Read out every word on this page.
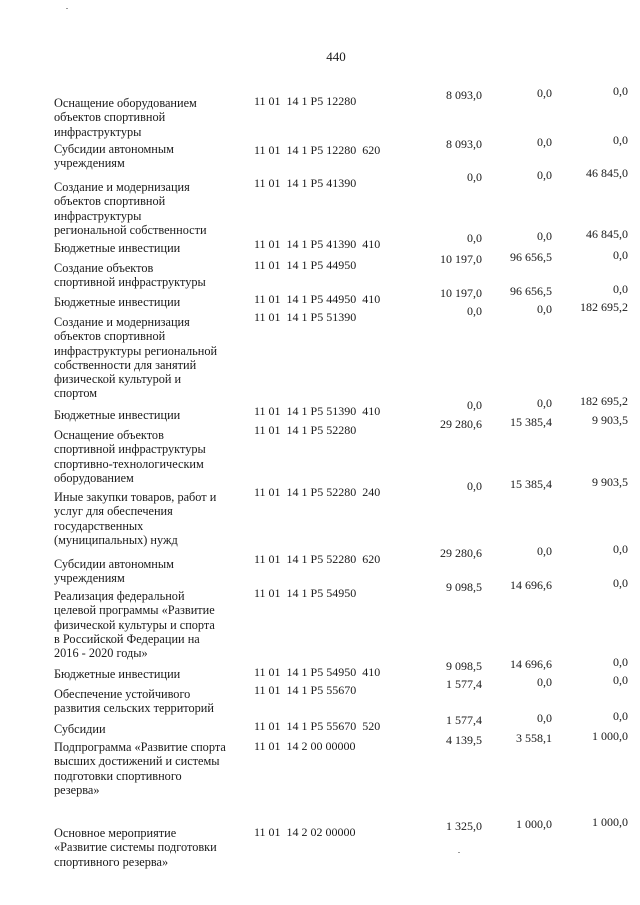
440
Оснащение оборудованием
объектов спортивной
инфраструктуры
11 01  14 1 Р5 12280	8 093,0	0,0	0,0
Субсидии автономным
учреждениям
11 01  14 1 Р5 12280  620	8 093,0	0,0	0,0
Создание и модернизация
объектов спортивной
инфраструктуры
региональной собственности
11 01  14 1 Р5 41390	0,0	0,0	46 845,0
Бюджетные инвестиции	11 01  14 1 Р5 41390  410	0,0	0,0	46 845,0
Создание объектов
спортивной инфраструктуры
11 01  14 1 Р5 44950	10 197,0	96 656,5	0,0
Бюджетные инвестиции	11 01  14 1 Р5 44950  410	10 197,0	96 656,5	0,0
Создание и модернизация
объектов спортивной
инфраструктуры региональной
собственности для занятий
физической культурой и
спортом
11 01  14 1 Р5 51390	0,0	0,0	182 695,2
Бюджетные инвестиции	11 01  14 1 Р5 51390  410	0,0	0,0	182 695,2
Оснащение объектов
спортивной инфраструктуры
спортивно-технологическим
оборудованием
11 01  14 1 Р5 52280	29 280,6	15 385,4	9 903,5
Иные закупки товаров, работ и
услуг для обеспечения
государственных
(муниципальных) нужд
11 01  14 1 Р5 52280  240	0,0	15 385,4	9 903,5
Субсидии автономным
учреждениям
11 01  14 1 Р5 52280  620	29 280,6	0,0	0,0
Реализация федеральной
целевой программы «Развитие
физической культуры и спорта
в Российской Федерации на
2016 - 2020 годы»
11 01  14 1 Р5 54950	9 098,5	14 696,6	0,0
Бюджетные инвестиции	11 01  14 1 Р5 54950  410	9 098,5	14 696,6	0,0
Обеспечение устойчивого
развития сельских территорий
11 01  14 1 Р5 55670	1 577,4	0,0	0,0
Субсидии	11 01  14 1 Р5 55670  520	1 577,4	0,0	0,0
Подпрограмма «Развитие спорта
высших достижений и системы
подготовки спортивного
резерва»
11 01  14 2 00 00000	4 139,5	3 558,1	1 000,0
Основное мероприятие
«Развитие системы подготовки
спортивного резерва»
11 01  14 2 02 00000	1 325,0	1 000,0	1 000,0
